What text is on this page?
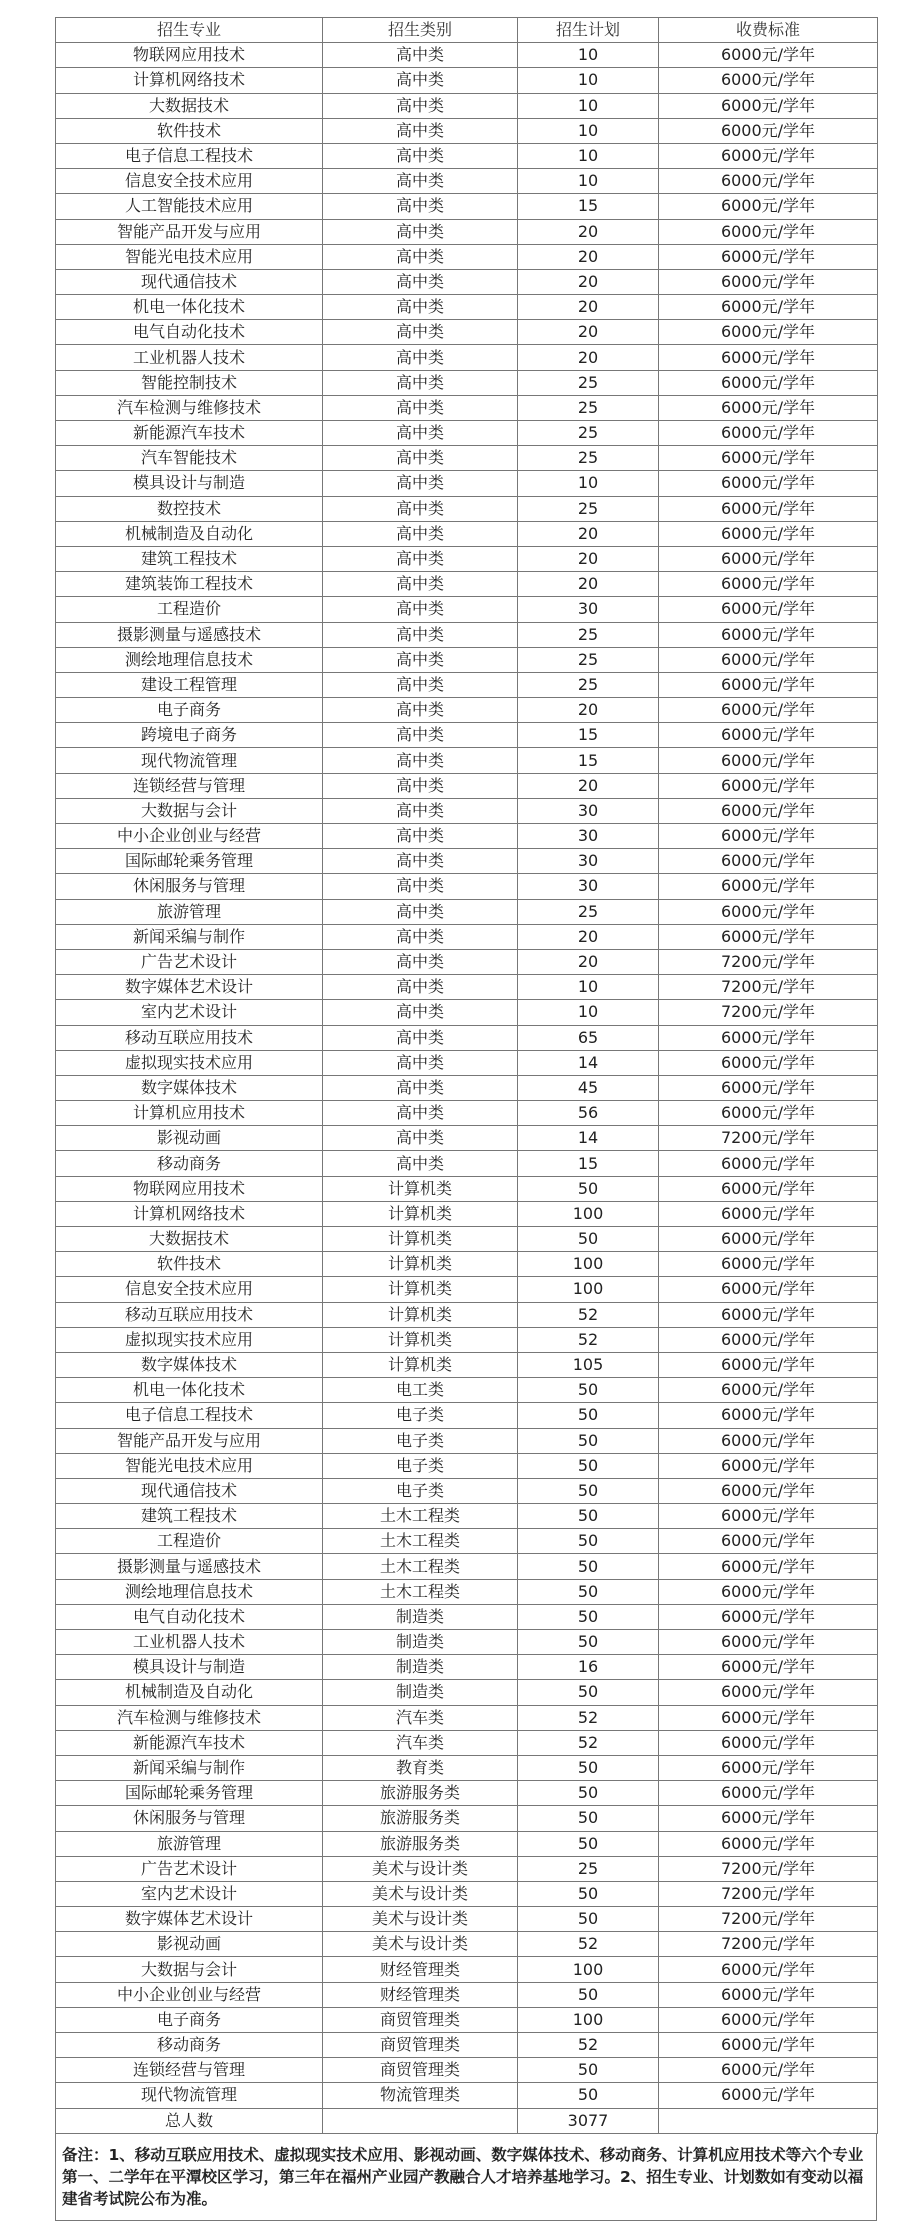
招生专业	招生类别	招生计划	收费标准
物联网应用技术	高中类	10	6000元/学年
计算机网络技术	高中类	10	6000元/学年
大数据技术	高中类	10	6000元/学年
软件技术	高中类	10	6000元/学年
电子信息工程技术	高中类	10	6000元/学年
信息安全技术应用	高中类	10	6000元/学年
人工智能技术应用	高中类	15	6000元/学年
智能产品开发与应用	高中类	20	6000元/学年
智能光电技术应用	高中类	20	6000元/学年
现代通信技术	高中类	20	6000元/学年
机电一体化技术	高中类	20	6000元/学年
电气自动化技术	高中类	20	6000元/学年
工业机器人技术	高中类	20	6000元/学年
智能控制技术	高中类	25	6000元/学年
汽车检测与维修技术	高中类	25	6000元/学年
新能源汽车技术	高中类	25	6000元/学年
汽车智能技术	高中类	25	6000元/学年
模具设计与制造	高中类	10	6000元/学年
数控技术	高中类	25	6000元/学年
机械制造及自动化	高中类	20	6000元/学年
建筑工程技术	高中类	20	6000元/学年
建筑装饰工程技术	高中类	20	6000元/学年
工程造价	高中类	30	6000元/学年
摄影测量与遥感技术	高中类	25	6000元/学年
测绘地理信息技术	高中类	25	6000元/学年
建设工程管理	高中类	25	6000元/学年
电子商务	高中类	20	6000元/学年
跨境电子商务	高中类	15	6000元/学年
现代物流管理	高中类	15	6000元/学年
连锁经营与管理	高中类	20	6000元/学年
大数据与会计	高中类	30	6000元/学年
中小企业创业与经营	高中类	30	6000元/学年
国际邮轮乘务管理	高中类	30	6000元/学年
休闲服务与管理	高中类	30	6000元/学年
旅游管理	高中类	25	6000元/学年
新闻采编与制作	高中类	20	6000元/学年
广告艺术设计	高中类	20	7200元/学年
数字媒体艺术设计	高中类	10	7200元/学年
室内艺术设计	高中类	10	7200元/学年
移动互联应用技术	高中类	65	6000元/学年
虚拟现实技术应用	高中类	14	6000元/学年
数字媒体技术	高中类	45	6000元/学年
计算机应用技术	高中类	56	6000元/学年
影视动画	高中类	14	7200元/学年
移动商务	高中类	15	6000元/学年
物联网应用技术	计算机类	50	6000元/学年
计算机网络技术	计算机类	100	6000元/学年
大数据技术	计算机类	50	6000元/学年
软件技术	计算机类	100	6000元/学年
信息安全技术应用	计算机类	100	6000元/学年
移动互联应用技术	计算机类	52	6000元/学年
虚拟现实技术应用	计算机类	52	6000元/学年
数字媒体技术	计算机类	105	6000元/学年
机电一体化技术	电工类	50	6000元/学年
电子信息工程技术	电子类	50	6000元/学年
智能产品开发与应用	电子类	50	6000元/学年
智能光电技术应用	电子类	50	6000元/学年
现代通信技术	电子类	50	6000元/学年
建筑工程技术	土木工程类	50	6000元/学年
工程造价	土木工程类	50	6000元/学年
摄影测量与遥感技术	土木工程类	50	6000元/学年
测绘地理信息技术	土木工程类	50	6000元/学年
电气自动化技术	制造类	50	6000元/学年
工业机器人技术	制造类	50	6000元/学年
模具设计与制造	制造类	16	6000元/学年
机械制造及自动化	制造类	50	6000元/学年
汽车检测与维修技术	汽车类	52	6000元/学年
新能源汽车技术	汽车类	52	6000元/学年
新闻采编与制作	教育类	50	6000元/学年
国际邮轮乘务管理	旅游服务类	50	6000元/学年
休闲服务与管理	旅游服务类	50	6000元/学年
旅游管理	旅游服务类	50	6000元/学年
广告艺术设计	美术与设计类	25	7200元/学年
室内艺术设计	美术与设计类	50	7200元/学年
数字媒体艺术设计	美术与设计类	50	7200元/学年
影视动画	美术与设计类	52	7200元/学年
大数据与会计	财经管理类	100	6000元/学年
中小企业创业与经营	财经管理类	50	6000元/学年
电子商务	商贸管理类	100	6000元/学年
移动商务	商贸管理类	52	6000元/学年
连锁经营与管理	商贸管理类	50	6000元/学年
现代物流管理	物流管理类	50	6000元/学年
总人数		3077	
备注：1、移动互联应用技术、虚拟现实技术应用、影视动画、数字媒体技术、移动商务、计算机应用技术等六个专业第一、二学年在平潭校区学习，第三年在福州产业园产教融合人才培养基地学习。2、招生专业、计划数如有变动以福建省考试院公布为准。
